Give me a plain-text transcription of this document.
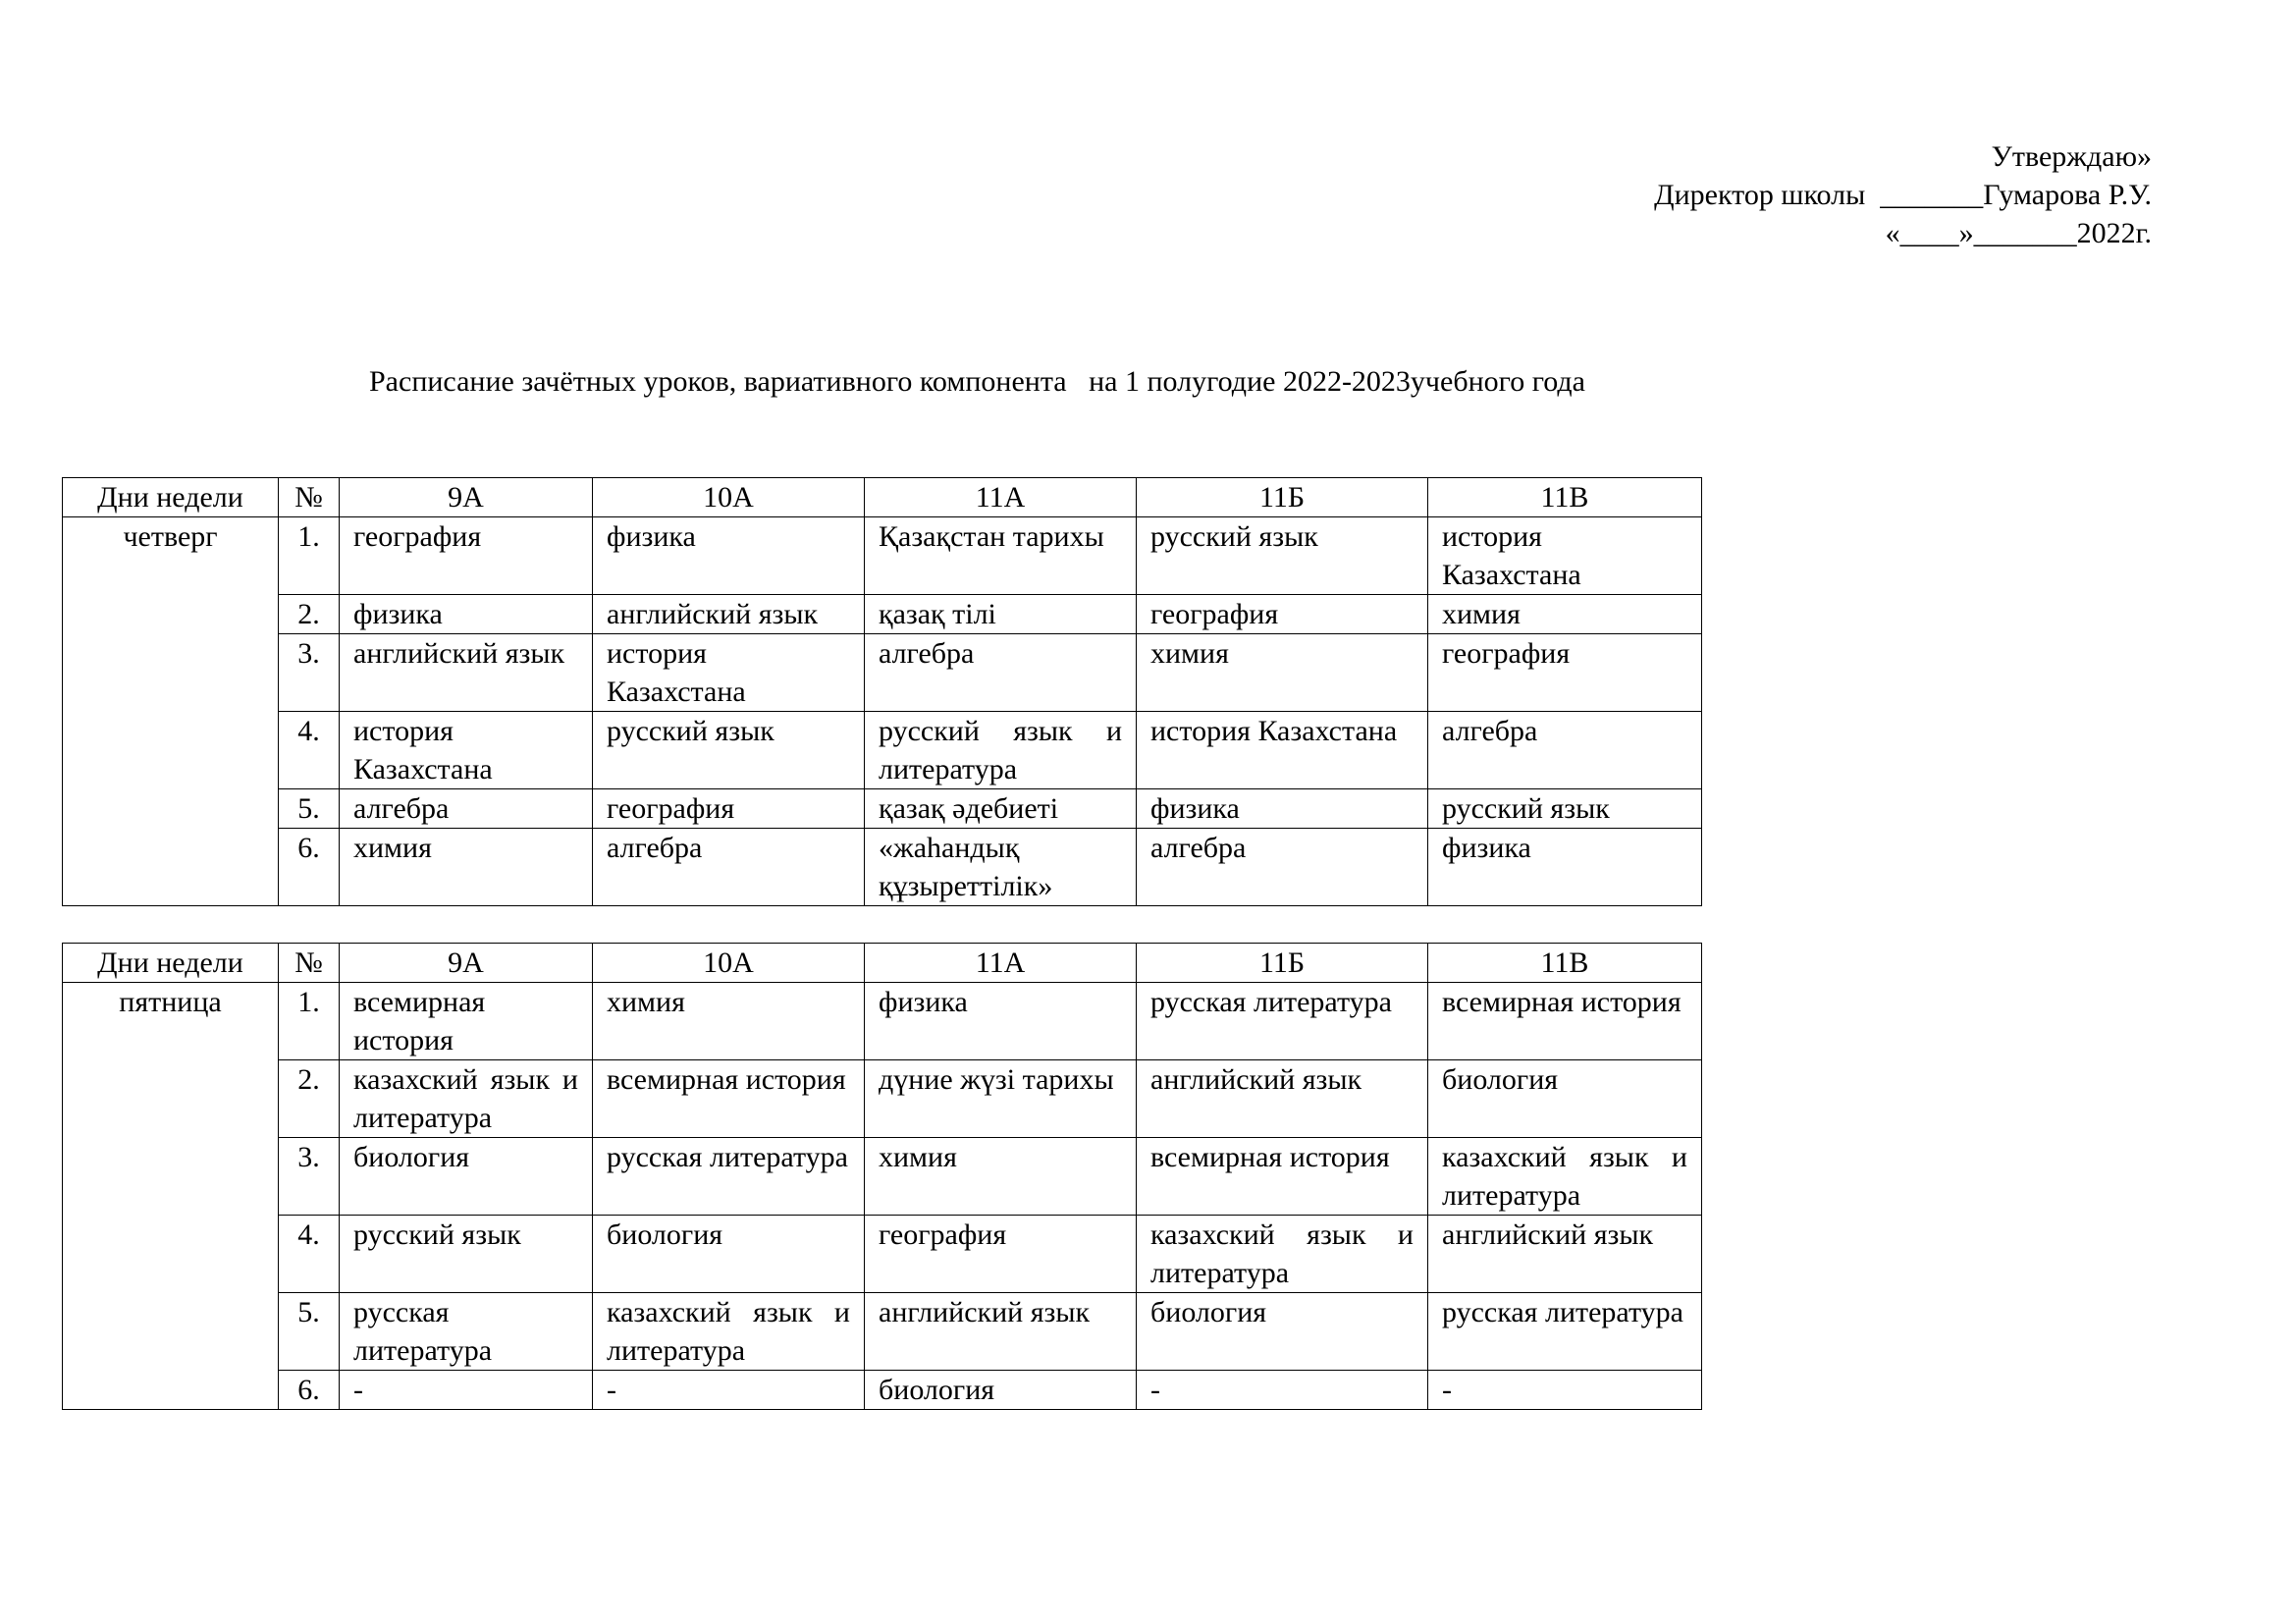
Утверждаю»
Директор школы  _______Гумарова Р.У.
«____»_______2022г.
Расписание зачётных уроков, вариативного компонента   на 1 полугодие 2022-2023учебного года
Дни недели	№	9А	10А	11А	11Б	11В
четверг	1.	география	физика	Қазақстан тарихы	русский язык	история Казахстана
	2.	физика	английский язык	қазақ тілі	география	химия
	3.	английский язык	история Казахстана	алгебра	химия	география
	4.	история Казахстана	русский язык	русский язык и литература	история Казахстана	алгебра
	5.	алгебра	география	қазақ әдебиеті	физика	русский язык
	6.	химия	алгебра	«жаһандық құзыреттілік»	алгебра	физика
Дни недели	№	9А	10А	11А	11Б	11В
пятница	1.	всемирная история	химия	физика	русская литература	всемирная история
	2.	казахский язык и литература	всемирная история	дүние жүзі тарихы	английский язык	биология
	3.	биология	русская литература	химия	всемирная история	казахский язык и литература
	4.	русский язык	биология	география	казахский язык и литература	английский язык
	5.	русская литература	казахский язык и литература	английский язык	биология	русская литература
	6.	-	-	биология	-	-
